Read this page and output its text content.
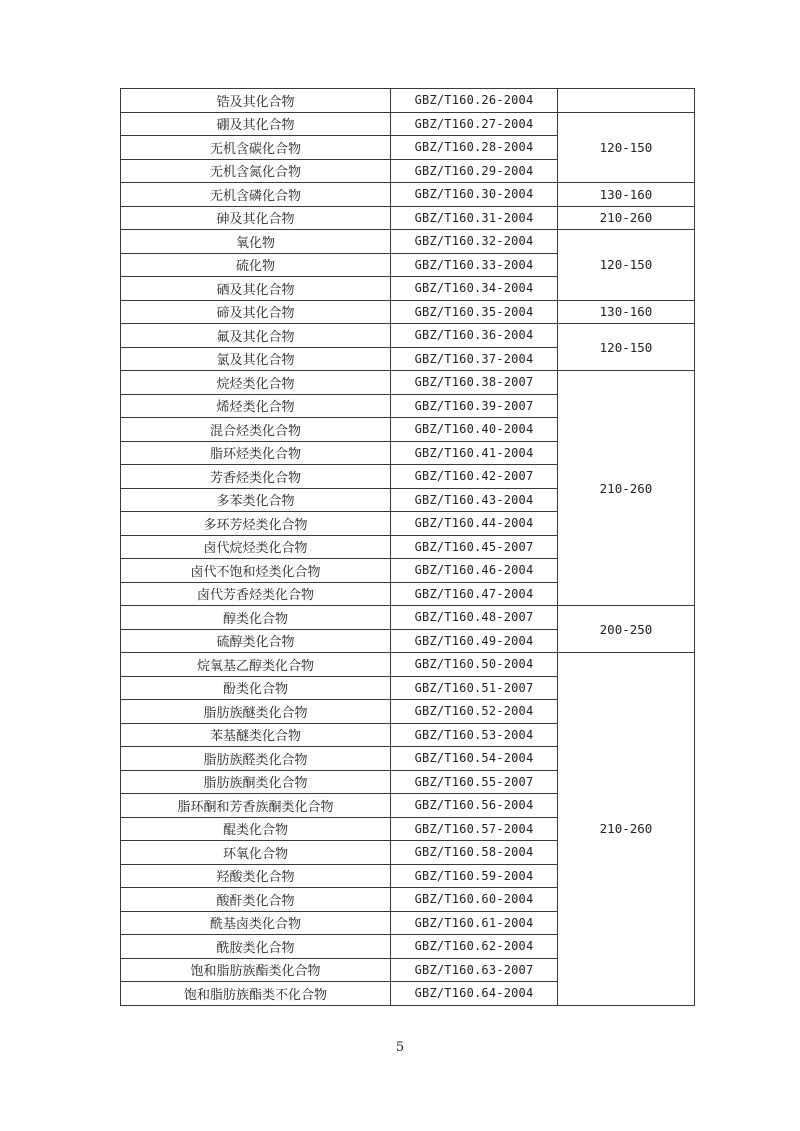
锆及其化合物	GBZ/T160.26-2004	
硼及其化合物	GBZ/T160.27-2004	120-150
无机含碳化合物	GBZ/T160.28-2004	
无机含氮化合物	GBZ/T160.29-2004	
无机含磷化合物	GBZ/T160.30-2004	130-160
砷及其化合物	GBZ/T160.31-2004	210-260
氧化物	GBZ/T160.32-2004	120-150
硫化物	GBZ/T160.33-2004	
硒及其化合物	GBZ/T160.34-2004	
碲及其化合物	GBZ/T160.35-2004	130-160
氟及其化合物	GBZ/T160.36-2004	120-150
氯及其化合物	GBZ/T160.37-2004	
烷烃类化合物	GBZ/T160.38-2007	210-260
烯烃类化合物	GBZ/T160.39-2007	
混合烃类化合物	GBZ/T160.40-2004	
脂环烃类化合物	GBZ/T160.41-2004	
芳香烃类化合物	GBZ/T160.42-2007	
多苯类化合物	GBZ/T160.43-2004	
多环芳烃类化合物	GBZ/T160.44-2004	
卤代烷烃类化合物	GBZ/T160.45-2007	
卤代不饱和烃类化合物	GBZ/T160.46-2004	
卤代芳香烃类化合物	GBZ/T160.47-2004	
醇类化合物	GBZ/T160.48-2007	200-250
硫醇类化合物	GBZ/T160.49-2004	
烷氧基乙醇类化合物	GBZ/T160.50-2004	210-260
酚类化合物	GBZ/T160.51-2007	
脂肪族醚类化合物	GBZ/T160.52-2004	
苯基醚类化合物	GBZ/T160.53-2004	
脂肪族醛类化合物	GBZ/T160.54-2004	
脂肪族酮类化合物	GBZ/T160.55-2007	
脂环酮和芳香族酮类化合物	GBZ/T160.56-2004	
醌类化合物	GBZ/T160.57-2004	
环氧化合物	GBZ/T160.58-2004	
羟酸类化合物	GBZ/T160.59-2004	
酸酐类化合物	GBZ/T160.60-2004	
酰基卤类化合物	GBZ/T160.61-2004	
酰胺类化合物	GBZ/T160.62-2004	
饱和脂肪族酯类化合物	GBZ/T160.63-2007	
饱和脂肪族酯类不化合物	GBZ/T160.64-2004	
5
